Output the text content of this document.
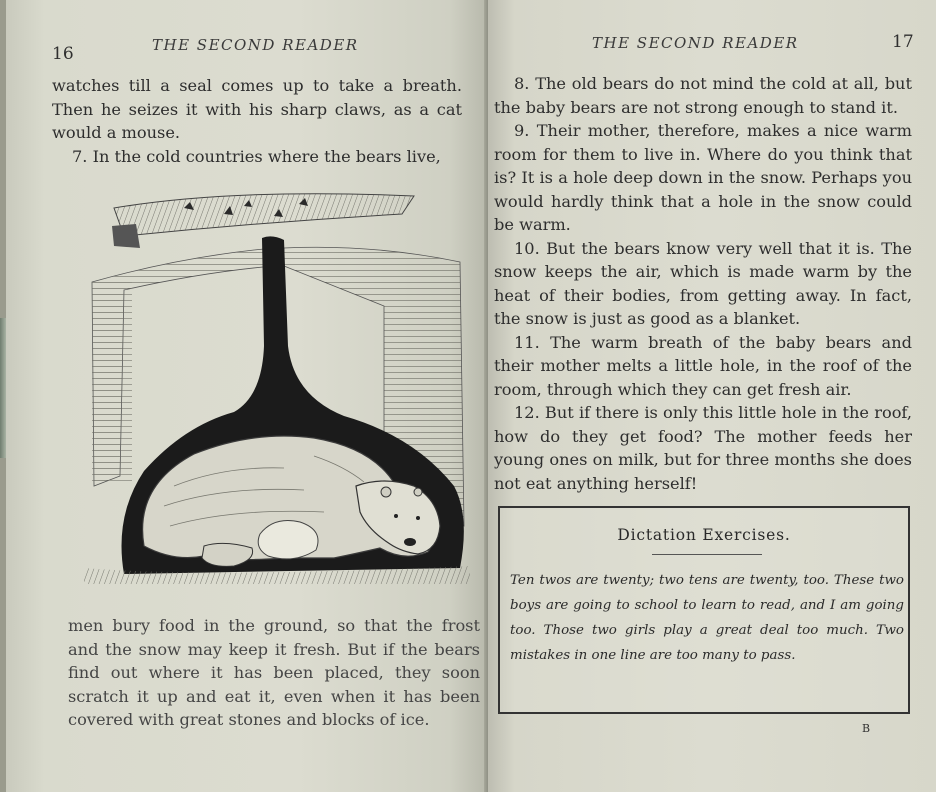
16	THE SECOND READER

watches till a seal comes up to take a breath. Then he seizes it with his sharp claws, as a cat would a mouse.

7. In the cold countries where the bears live,

men bury food in the ground, so that the frost and the snow may keep it fresh. But if the bears find out where it has been placed, they soon scratch it up and eat it, even when it has been covered with great stones and blocks of ice.
THE SECOND READER	17

8. The old bears do not mind the cold at all, but the baby bears are not strong enough to stand it.

9. Their mother, therefore, makes a nice warm room for them to live in. Where do you think that is? It is a hole deep down in the snow. Perhaps you would hardly think that a hole in the snow could be warm.

10. But the bears know very well that it is. The snow keeps the air, which is made warm by the heat of their bodies, from getting away. In fact, the snow is just as good as a blanket.

11. The warm breath of the baby bears and their mother melts a little hole, in the roof of the room, through which they can get fresh air.

12. But if there is only this little hole in the roof, how do they get food? The mother feeds her young ones on milk, but for three months she does not eat anything herself!

Dictation Exercises.
Ten twos are twenty; two tens are twenty, too. These two boys are going to school to learn to read, and I am going too. Those two girls play a great deal too much. Two mistakes in one line are too many to pass.
B
